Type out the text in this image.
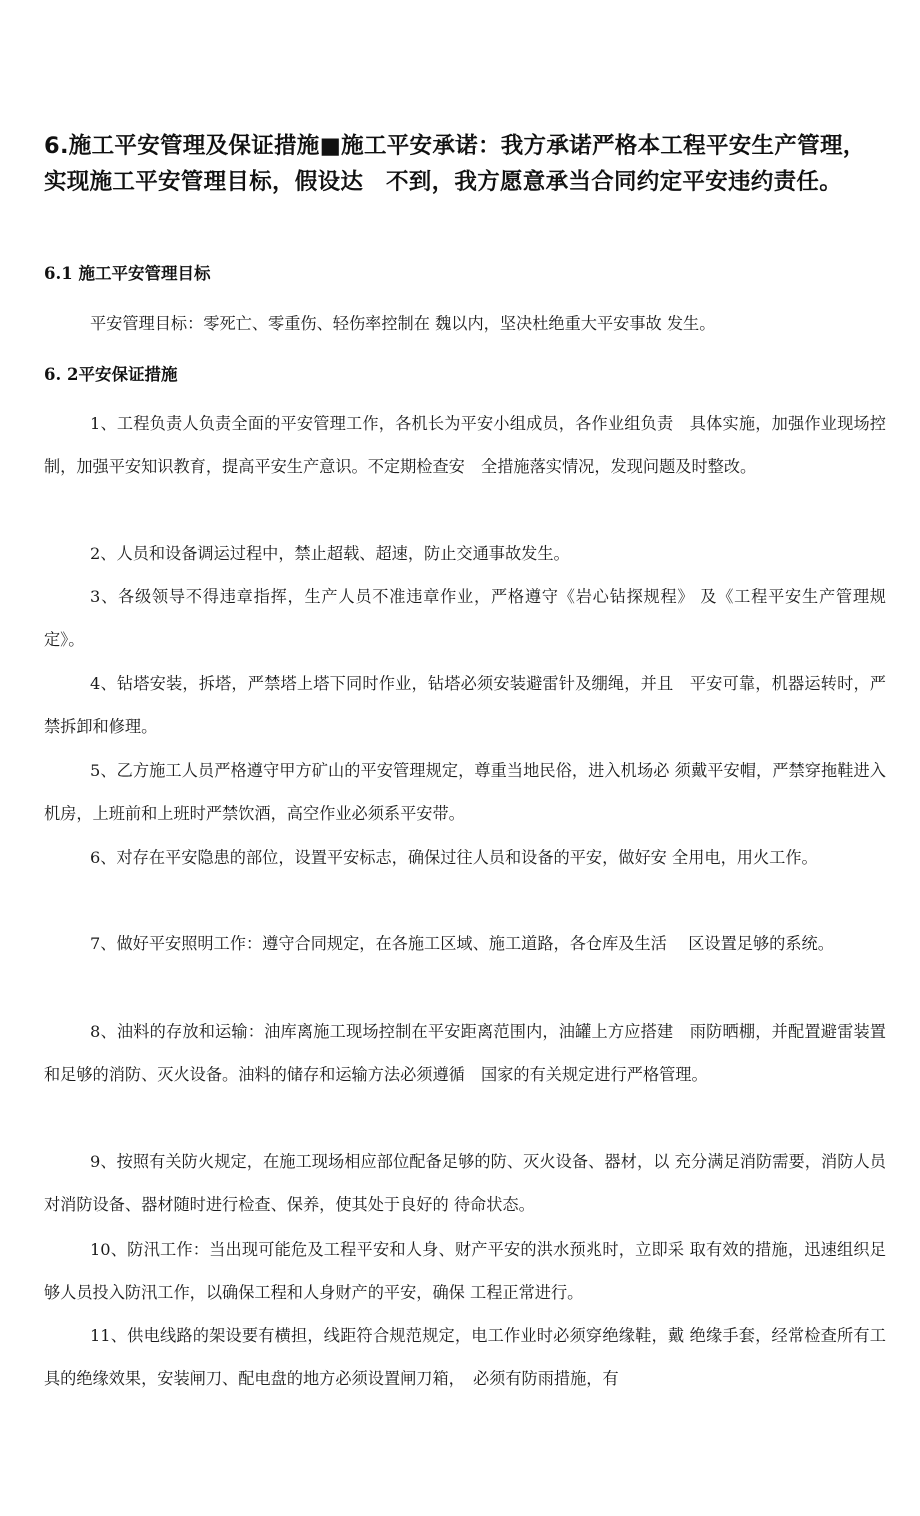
6.施工平安管理及保证措施■施工平安承诺：我方承诺严格本工程平安生产管理，实现施工平安管理目标，假设达　不到，我方愿意承当合同约定平安违约责任。
6.1 施工平安管理目标
平安管理目标：零死亡、零重伤、轻伤率控制在 魏以内，坚决杜绝重大平安事故 发生。
6. 2平安保证措施
1、工程负责人负责全面的平安管理工作，各机长为平安小组成员，各作业组负责　具体实施，加强作业现场控制，加强平安知识教育，提高平安生产意识。不定期检查安　全措施落实情况，发现问题及时整改。
2、人员和设备调运过程中，禁止超载、超速，防止交通事故发生。
3、各级领导不得违章指挥，生产人员不准违章作业，严格遵守《岩心钻探规程》 及《工程平安生产管理规定》。
4、钻塔安装，拆塔，严禁塔上塔下同时作业，钻塔必须安装避雷针及绷绳，并且　平安可靠，机器运转时，严禁拆卸和修理。
5、乙方施工人员严格遵守甲方矿山的平安管理规定，尊重当地民俗，进入机场必 须戴平安帽，严禁穿拖鞋进入机房，上班前和上班时严禁饮酒，高空作业必须系平安带。
6、对存在平安隐患的部位，设置平安标志，确保过往人员和设备的平安，做好安 全用电，用火工作。
7、做好平安照明工作：遵守合同规定，在各施工区域、施工道路，各仓库及生活　 区设置足够的系统。
8、油料的存放和运输：油库离施工现场控制在平安距离范围内，油罐上方应搭建　雨防晒棚，并配置避雷装置和足够的消防、灭火设备。油料的储存和运输方法必须遵循　国家的有关规定进行严格管理。
9、按照有关防火规定，在施工现场相应部位配备足够的防、灭火设备、器材，以 充分满足消防需要，消防人员对消防设备、器材随时进行检查、保养，使其处于良好的 待命状态。
10、防汛工作：当出现可能危及工程平安和人身、财产平安的洪水预兆时，立即采 取有效的措施，迅速组织足够人员投入防汛工作，以确保工程和人身财产的平安，确保 工程正常进行。
11、供电线路的架设要有横担，线距符合规范规定，电工作业时必须穿绝缘鞋，戴 绝缘手套，经常检查所有工具的绝缘效果，安装闸刀、配电盘的地方必须设置闸刀箱，　必须有防雨措施，有
